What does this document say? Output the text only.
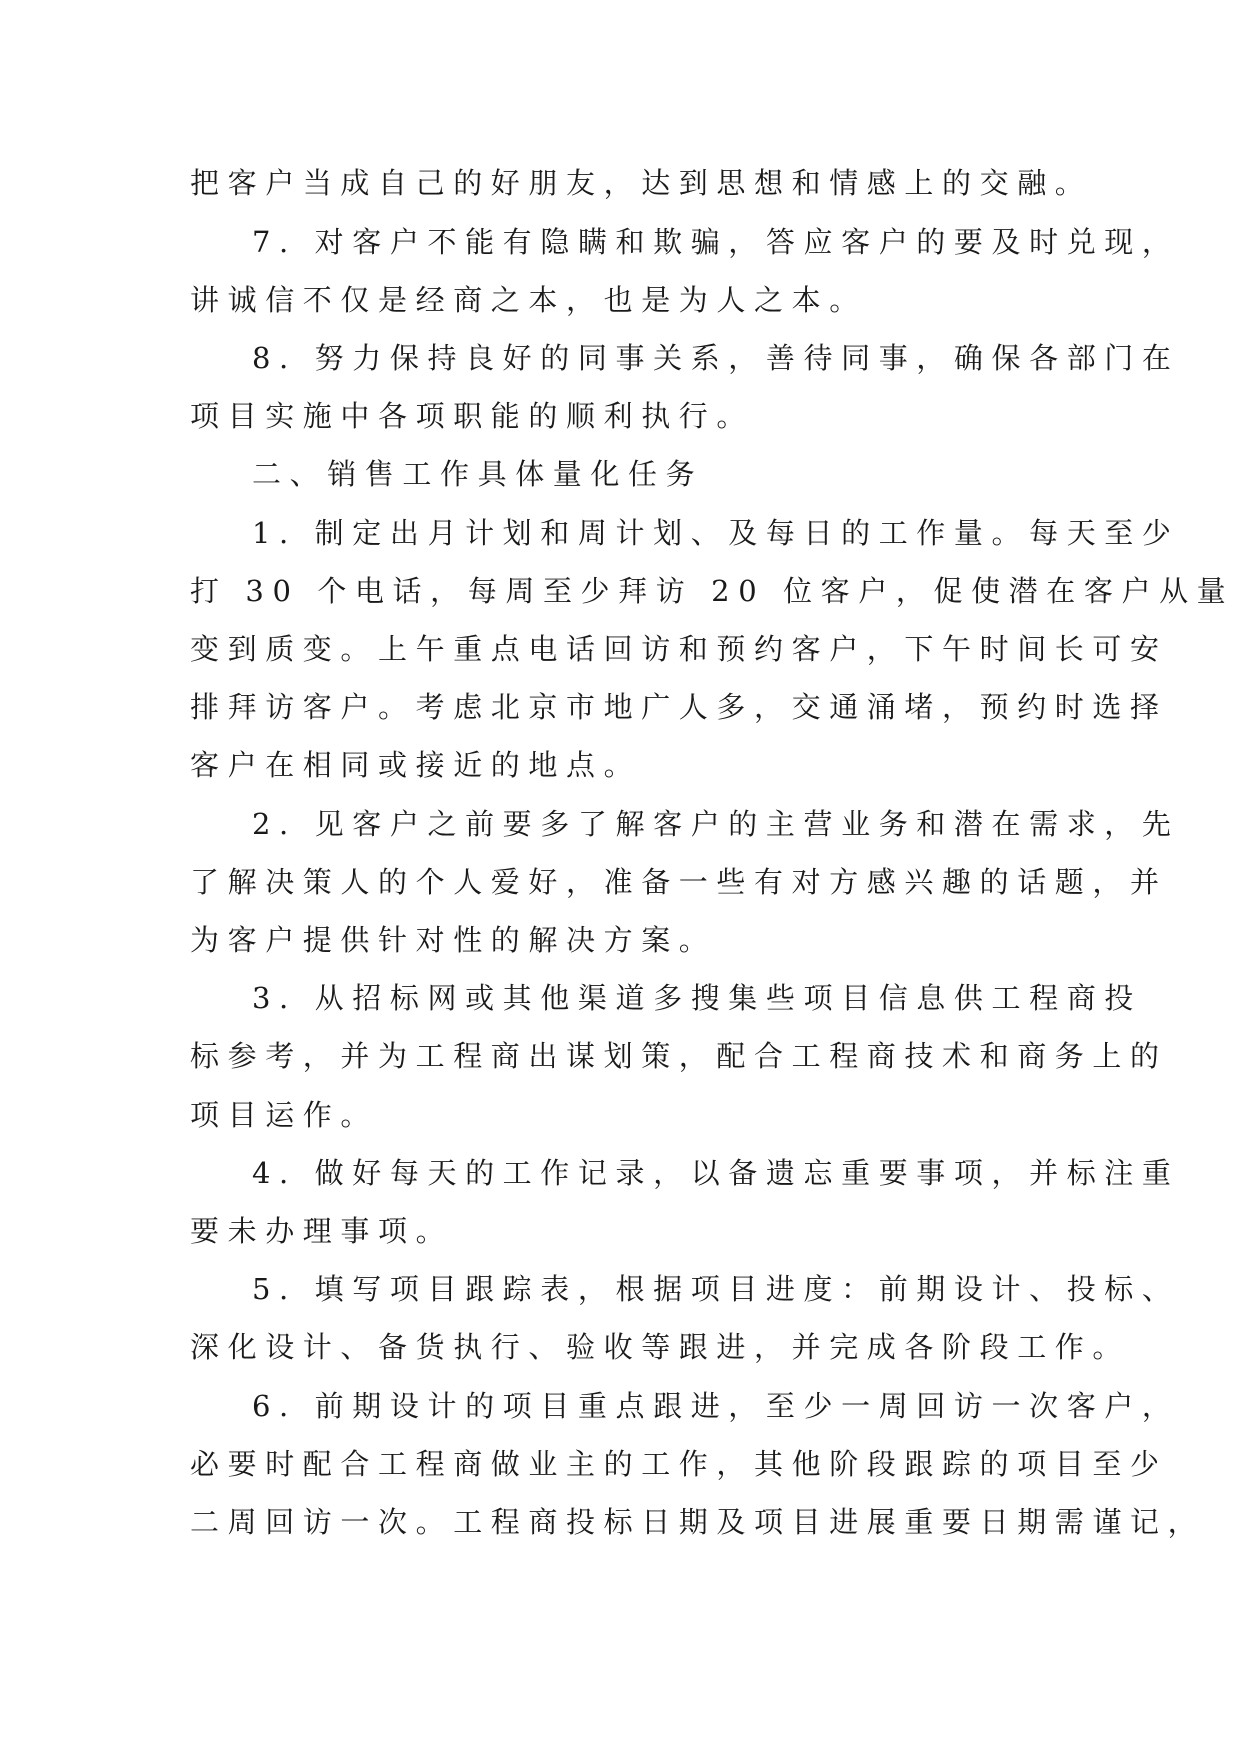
把客户当成自己的好朋友，达到思想和情感上的交融。
7. 对客户不能有隐瞒和欺骗，答应客户的要及时兑现，
讲诚信不仅是经商之本，也是为人之本。
8. 努力保持良好的同事关系，善待同事，确保各部门在
项目实施中各项职能的顺利执行。
二、销售工作具体量化任务
1. 制定出月计划和周计划、及每日的工作量。每天至少
打 30 个电话，每周至少拜访 20 位客户，促使潜在客户从量
变到质变。上午重点电话回访和预约客户，下午时间长可安
排拜访客户。考虑北京市地广人多，交通涌堵，预约时选择
客户在相同或接近的地点。
2. 见客户之前要多了解客户的主营业务和潜在需求，先
了解决策人的个人爱好，准备一些有对方感兴趣的话题，并
为客户提供针对性的解决方案。
3. 从招标网或其他渠道多搜集些项目信息供工程商投
标参考，并为工程商出谋划策，配合工程商技术和商务上的
项目运作。
4. 做好每天的工作记录，以备遗忘重要事项，并标注重
要未办理事项。
5. 填写项目跟踪表，根据项目进度：前期设计、投标、
深化设计、备货执行、验收等跟进，并完成各阶段工作。
6. 前期设计的项目重点跟进，至少一周回访一次客户，
必要时配合工程商做业主的工作，其他阶段跟踪的项目至少
二周回访一次。工程商投标日期及项目进展重要日期需谨记，
